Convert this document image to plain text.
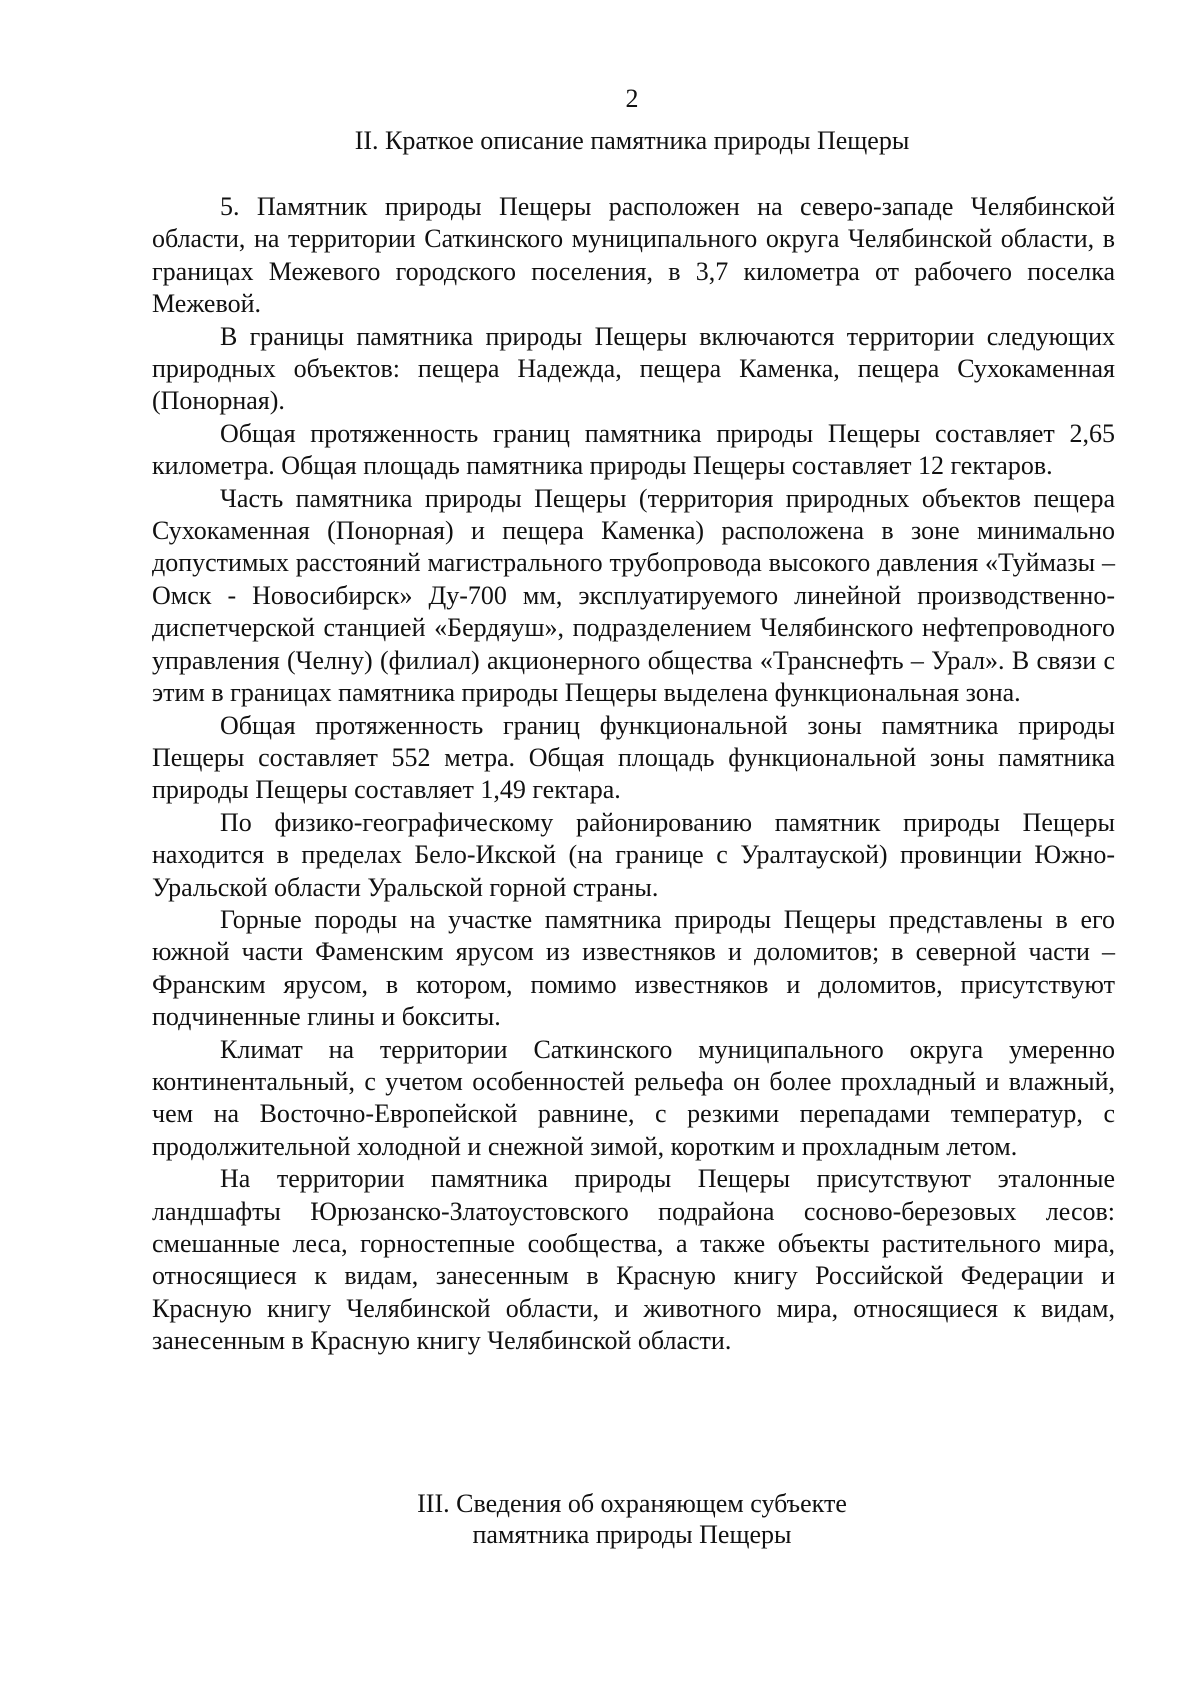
2
II. Краткое описание памятника природы Пещеры

5. Памятник природы Пещеры расположен на северо-западе Челябинской области, на территории Саткинского муниципального округа Челябинской области, в границах Межевого городского поселения, в 3,7 километра от рабочего поселка Межевой.

В границы памятника природы Пещеры включаются территории следующих природных объектов: пещера Надежда, пещера Каменка, пещера Сухокаменная (Понорная).

Общая протяженность границ памятника природы Пещеры составляет 2,65 километра. Общая площадь памятника природы Пещеры составляет 12 гектаров.

Часть памятника природы Пещеры (территория природных объектов пещера Сухокаменная (Понорная) и пещера Каменка) расположена в зоне минимально допустимых расстояний магистрального трубопровода высокого давления «Туймазы – Омск - Новосибирск» Ду-700 мм, эксплуатируемого линейной производственно-диспетчерской станцией «Бердяуш», подразделением Челябинского нефтепроводного управления (Челну) (филиал) акционерного общества «Транснефть – Урал». В связи с этим в границах памятника природы Пещеры выделена функциональная зона.

Общая протяженность границ функциональной зоны памятника природы Пещеры составляет 552 метра. Общая площадь функциональной зоны памятника природы Пещеры составляет 1,49 гектара.

По физико-географическому районированию памятник природы Пещеры находится в пределах Бело-Икской (на границе с Уралтауской) провинции Южно-Уральской области Уральской горной страны.

Горные породы на участке памятника природы Пещеры представлены в его южной части Фаменским ярусом из известняков и доломитов; в северной части – Франским ярусом, в котором, помимо известняков и доломитов, присутствуют подчиненные глины и бокситы.

Климат на территории Саткинского муниципального округа умеренно континентальный, с учетом особенностей рельефа он более прохладный и влажный, чем на Восточно-Европейской равнине, с резкими перепадами температур, с продолжительной холодной и снежной зимой, коротким и прохладным летом.

На территории памятника природы Пещеры присутствуют эталонные ландшафты Юрюзанско-Златоустовского подрайона сосново-березовых лесов: смешанные леса, горностепные сообщества, а также объекты растительного мира, относящиеся к видам, занесенным в Красную книгу Российской Федерации и Красную книгу Челябинской области, и животного мира, относящиеся к видам, занесенным в Красную книгу Челябинской области.

III. Сведения об охраняющем субъекте
памятника природы Пещеры
